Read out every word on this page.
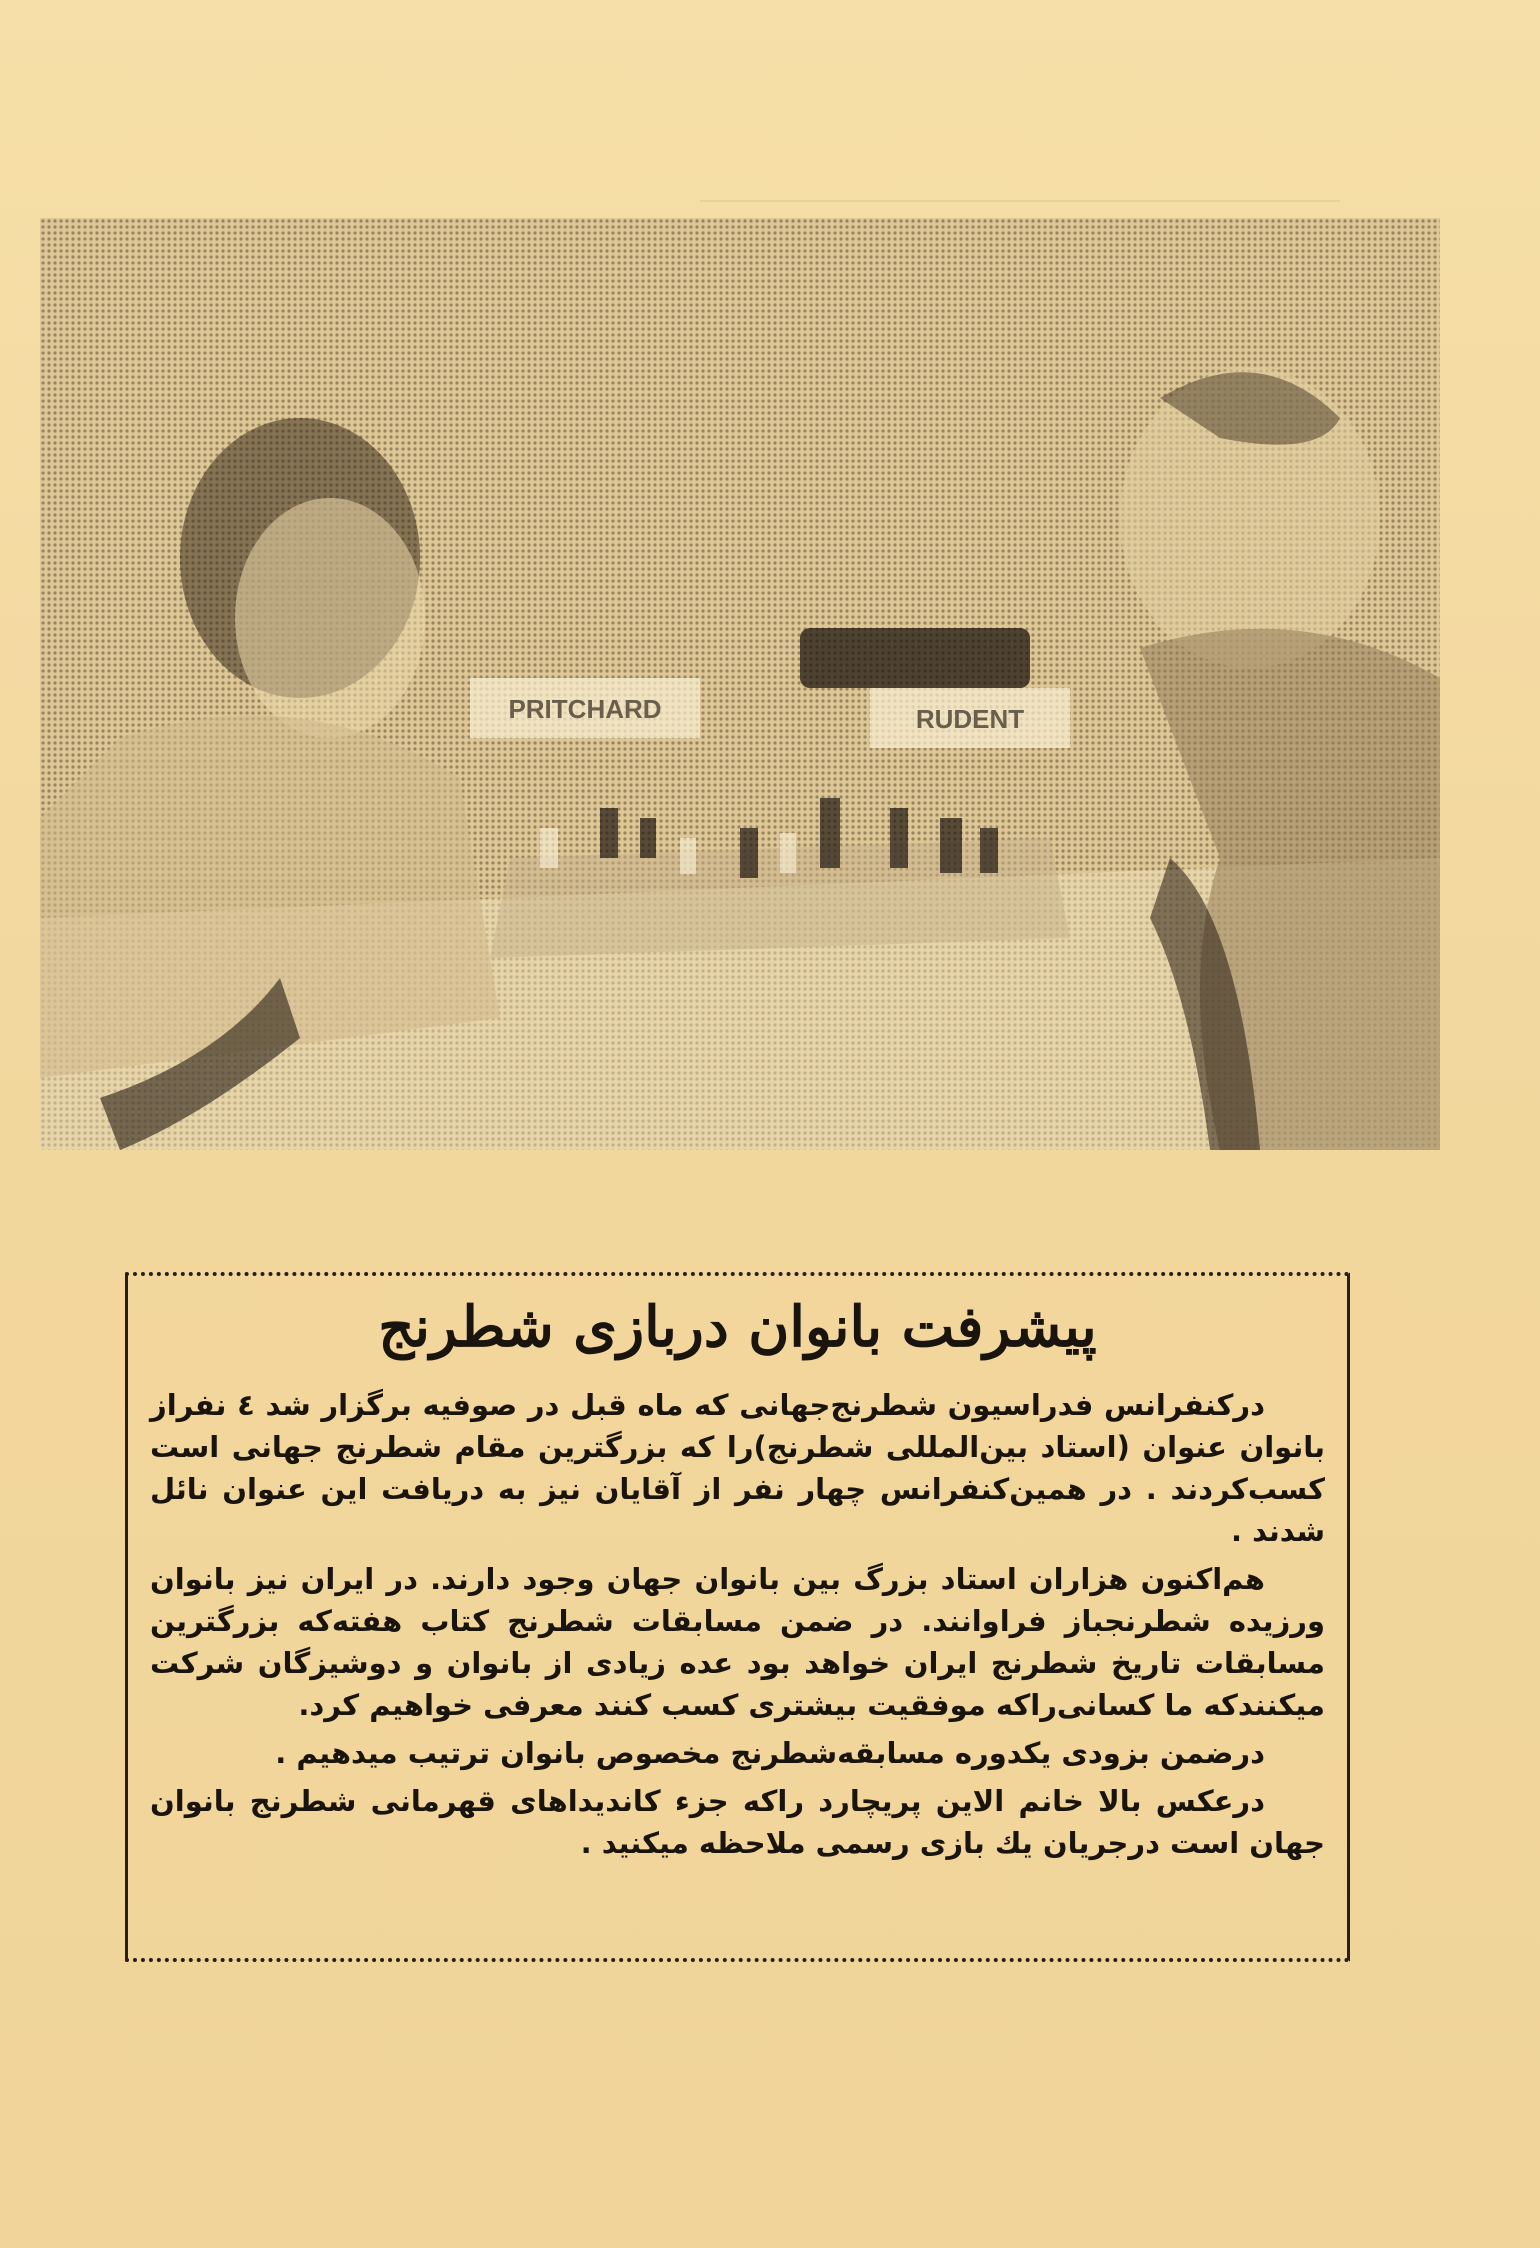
PRITCHARD	RUDENT
پیشرفت بانوان دربازی شطرنج

درکنفرانس فدراسیون شطرنج‌جهانی که ماه قبل در صوفیه برگزار شد ٤ نفراز بانوان عنوان (استاد بین‌المللی شطرنج)را که بزرگترین مقام شطرنج جهانی است کسب‌کردند . در همین‌کنفرانس چهار نفر از آقایان نیز به دریافت این عنوان نائل شدند .

هم‌اکنون هزاران استاد بزرگ بین بانوان جهان وجود دارند. در ایران نیز بانوان ورزیده شطرنجباز فراوانند. در ضمن مسابقات شطرنج کتاب هفته‌که بزرگترین مسابقات تاریخ شطرنج ایران خواهد بود عده زیادی از بانوان و دوشیزگان شرکت میکنندکه ما کسانی‌راکه موفقیت بیشتری کسب کنند معرفی خواهیم کرد.

درضمن بزودی یکدوره مسابقه‌شطرنج مخصوص بانوان ترتیب میدهیم .

درعکس بالا خانم الاین پریچارد راکه جزء کاندیداهای قهرمانی شطرنج بانوان جهان است درجریان یك بازی رسمی ملاحظه میکنید .
